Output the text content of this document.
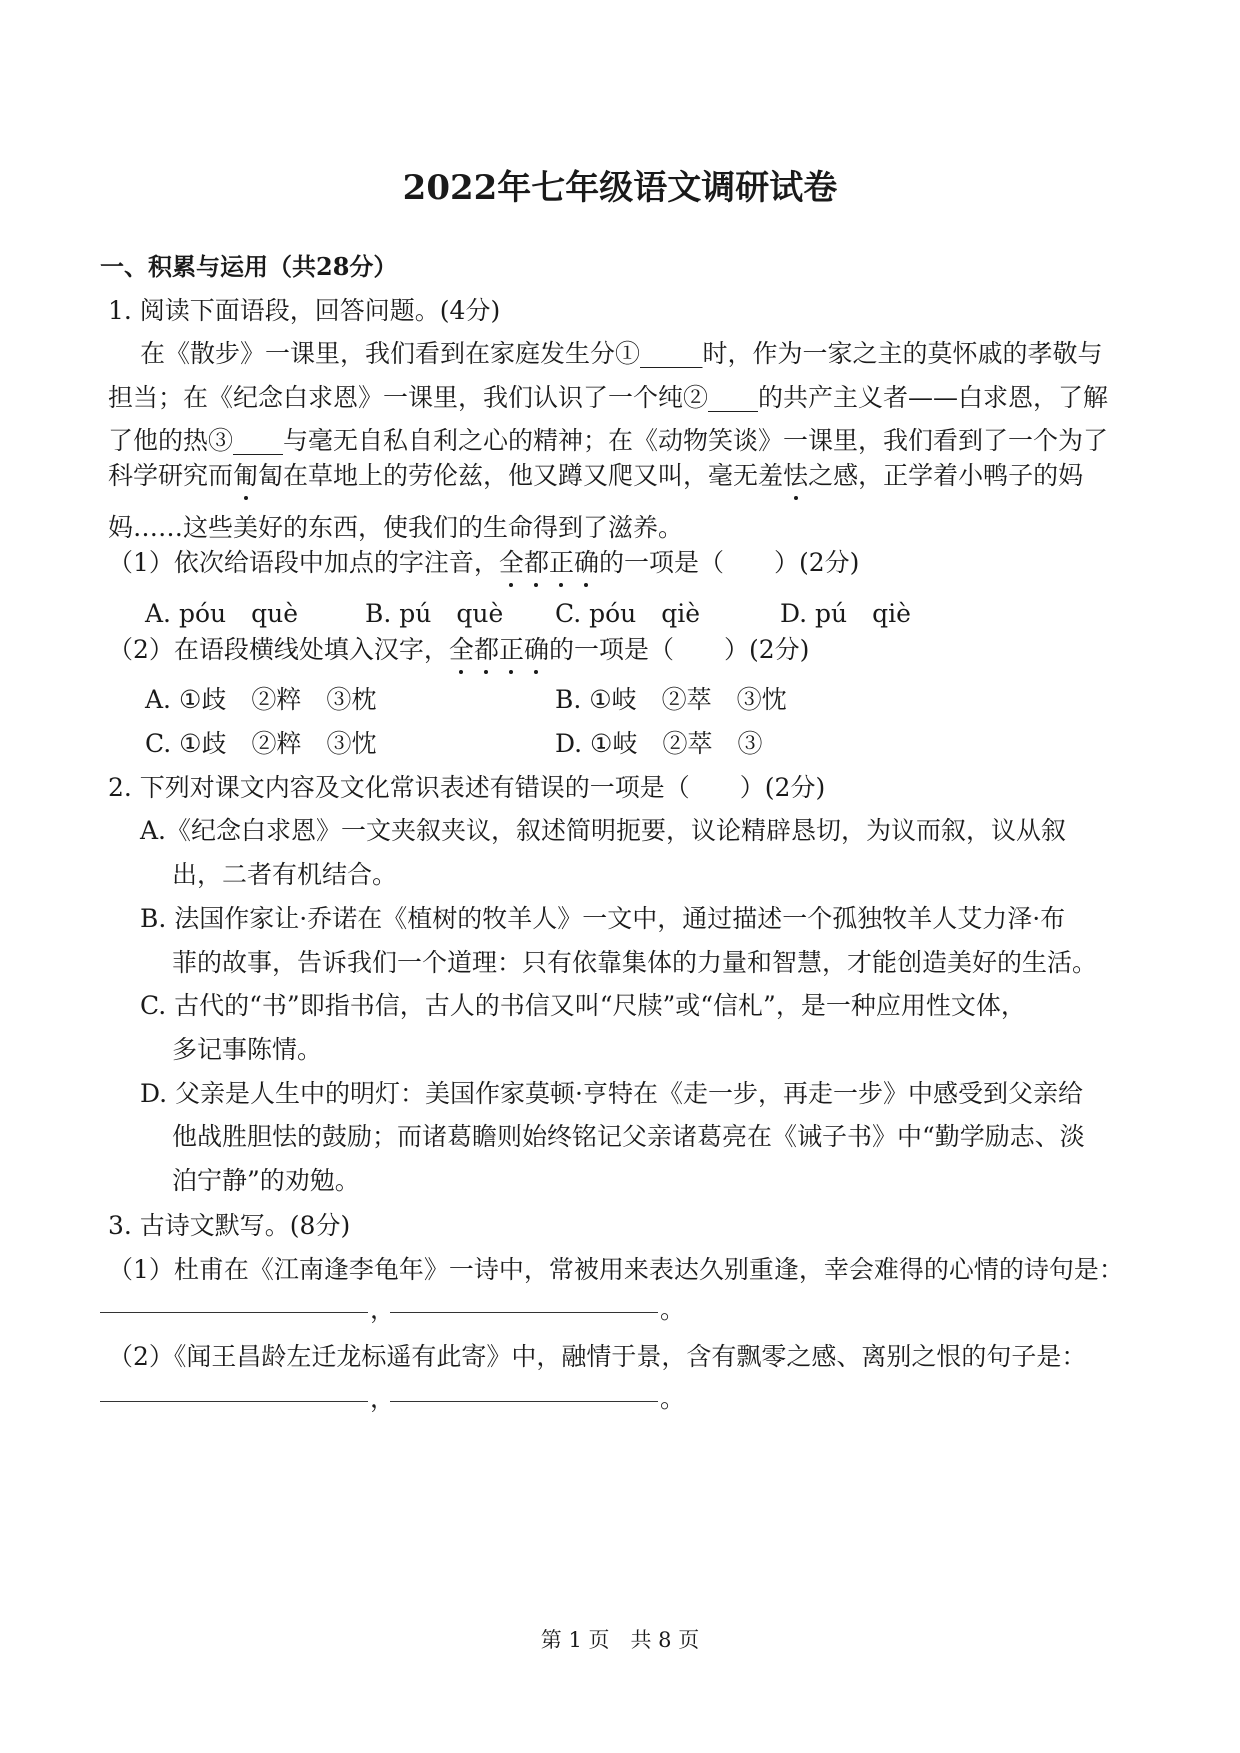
2022年七年级语文调研试卷
一、积累与运用（共28分）
1. 阅读下面语段，回答问题。(4分)
在《散步》一课里，我们看到在家庭发生分①_____时，作为一家之主的莫怀戚的孝敬与
担当；在《纪念白求恩》一课里，我们认识了一个纯②____的共产主义者——白求恩，了解
了他的热③____与毫无自私自利之心的精神；在《动物笑谈》一课里，我们看到了一个为了
科学研究而匍匐在草地上的劳伦兹，他又蹲又爬又叫，毫无羞怯之感，正学着小鸭子的妈
妈……这些美好的东西，使我们的生命得到了滋养。
（1）依次给语段中加点的字注音，全都正确的一项是（　　）(2分)
A. póu　què	B. pú　què C. póu　qiè	D. pú　qiè
（2）在语段横线处填入汉字，全都正确的一项是（　　）(2分)
A. ①歧　②粹　③枕	B. ①岐　②萃　③忱
C. ①歧　②粹　③忱	D. ①岐　②萃　③
2. 下列对课文内容及文化常识表述有错误的一项是（　　）(2分)
A.《纪念白求恩》一文夹叙夹议，叙述简明扼要，议论精辟恳切，为议而叙，议从叙
出，二者有机结合。
B. 法国作家让·乔诺在《植树的牧羊人》一文中，通过描述一个孤独牧羊人艾力泽·布
菲的故事，告诉我们一个道理：只有依靠集体的力量和智慧，才能创造美好的生活。
C. 古代的“书”即指书信，古人的书信又叫“尺牍”或“信札”，是一种应用性文体，
多记事陈情。
D. 父亲是人生中的明灯：美国作家莫顿·亨特在《走一步，再走一步》中感受到父亲给
他战胜胆怯的鼓励；而诸葛瞻则始终铭记父亲诸葛亮在《诫子书》中“勤学励志、淡
泊宁静”的劝勉。
3. 古诗文默写。(8分)
（1）杜甫在《江南逢李龟年》一诗中，常被用来表达久别重逢，幸会难得的心情的诗句是：
，	。
（2）《闻王昌龄左迁龙标遥有此寄》中，融情于景，含有飘零之感、离别之恨的句子是：
，	。
第 1 页　共 8 页
